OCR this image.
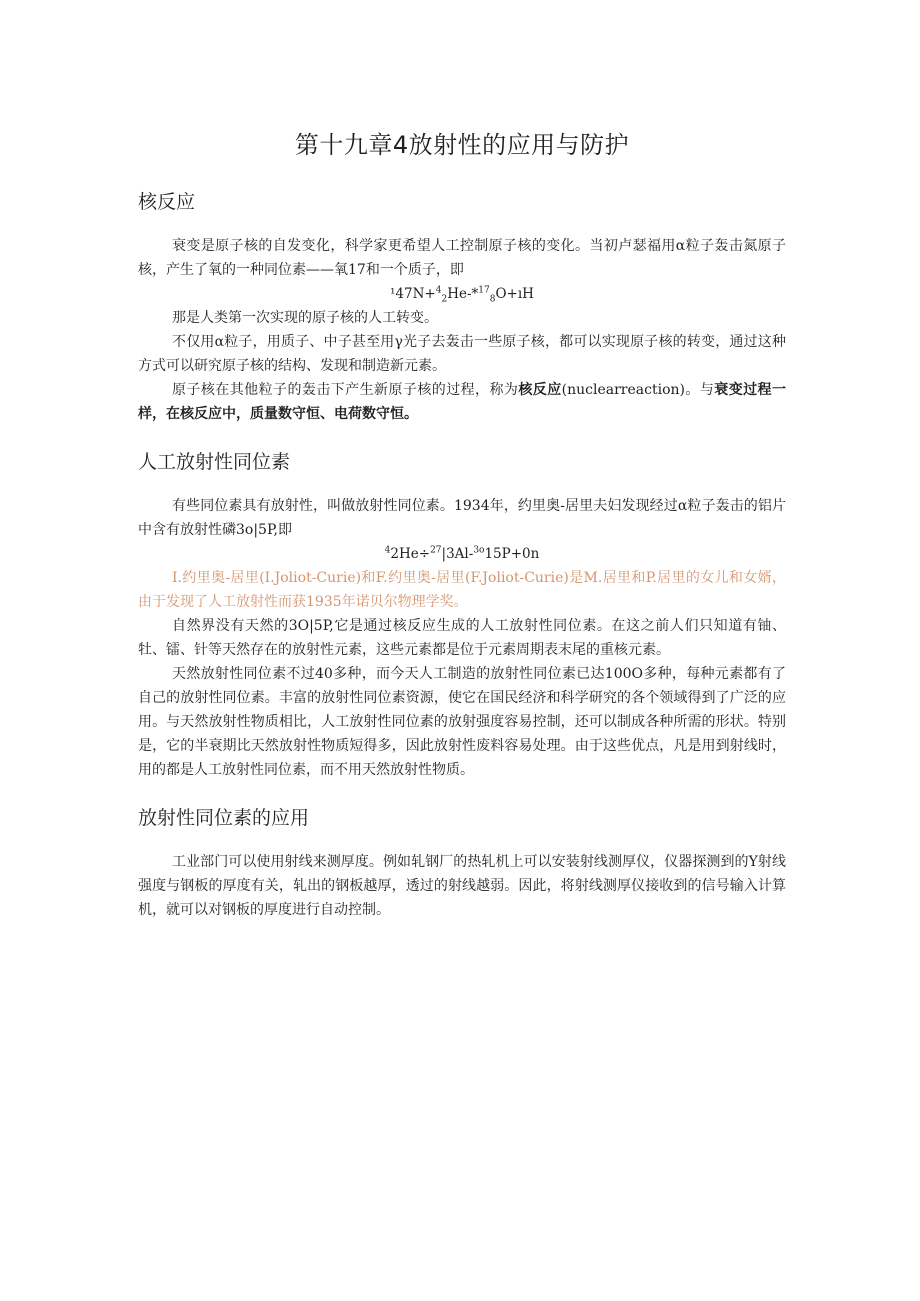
第十九章4放射性的应用与防护
核反应

衰变是原子核的自发变化，科学家更希望人工控制原子核的变化。当初卢瑟福用α粒子轰击氮原子核，产生了氧的一种同位素——氧17和一个质子，即

¹47N+$^4_2$He-*$^{17}_8$O+ıH

那是人类第一次实现的原子核的人工转变。

不仅用α粒子，用质子、中子甚至用γ光子去轰击一些原子核，都可以实现原子核的转变，通过这种方式可以研究原子核的结构、发现和制造新元素。

原子核在其他粒子的轰击下产生新原子核的过程，称为核反应(nuclearreaction)。与衰变过程一样，在核反应中，质量数守恒、电荷数守恒。

人工放射性同位素

有些同位素具有放射性，叫做放射性同位素。1934年，约里奥-居里夫妇发现经过α粒子轰击的铝片中含有放射性磷3o|5P,即

$^4$2He÷$^{27}$|3Al-$^{3o}$15P+0n

I.约里奥-居里(I.Joliot-Curie)和F.约里奥-居里(F.Joliot-Curie)是M.居里和P.居里的女儿和女婿，由于发现了人工放射性而获1935年诺贝尔物理学奖。

自然界没有天然的3O|5P,它是通过核反应生成的人工放射性同位素。在这之前人们只知道有铀、牡、镭、针等天然存在的放射性元素，这些元素都是位于元素周期表末尾的重核元素。

天然放射性同位素不过40多种，而今天人工制造的放射性同位素已达100O多种，每种元素都有了自己的放射性同位素。丰富的放射性同位素资源，使它在国民经济和科学研究的各个领域得到了广泛的应用。与天然放射性物质相比，人工放射性同位素的放射强度容易控制，还可以制成各种所需的形状。特别是，它的半衰期比天然放射性物质短得多，因此放射性废料容易处理。由于这些优点，凡是用到射线时，用的都是人工放射性同位素，而不用天然放射性物质。

放射性同位素的应用

工业部门可以使用射线来测厚度。例如轧钢厂的热轧机上可以安装射线测厚仪，仪器探测到的Y射线强度与钢板的厚度有关，轧出的钢板越厚，透过的射线越弱。因此，将射线测厚仪接收到的信号输入计算机，就可以对钢板的厚度进行自动控制。
